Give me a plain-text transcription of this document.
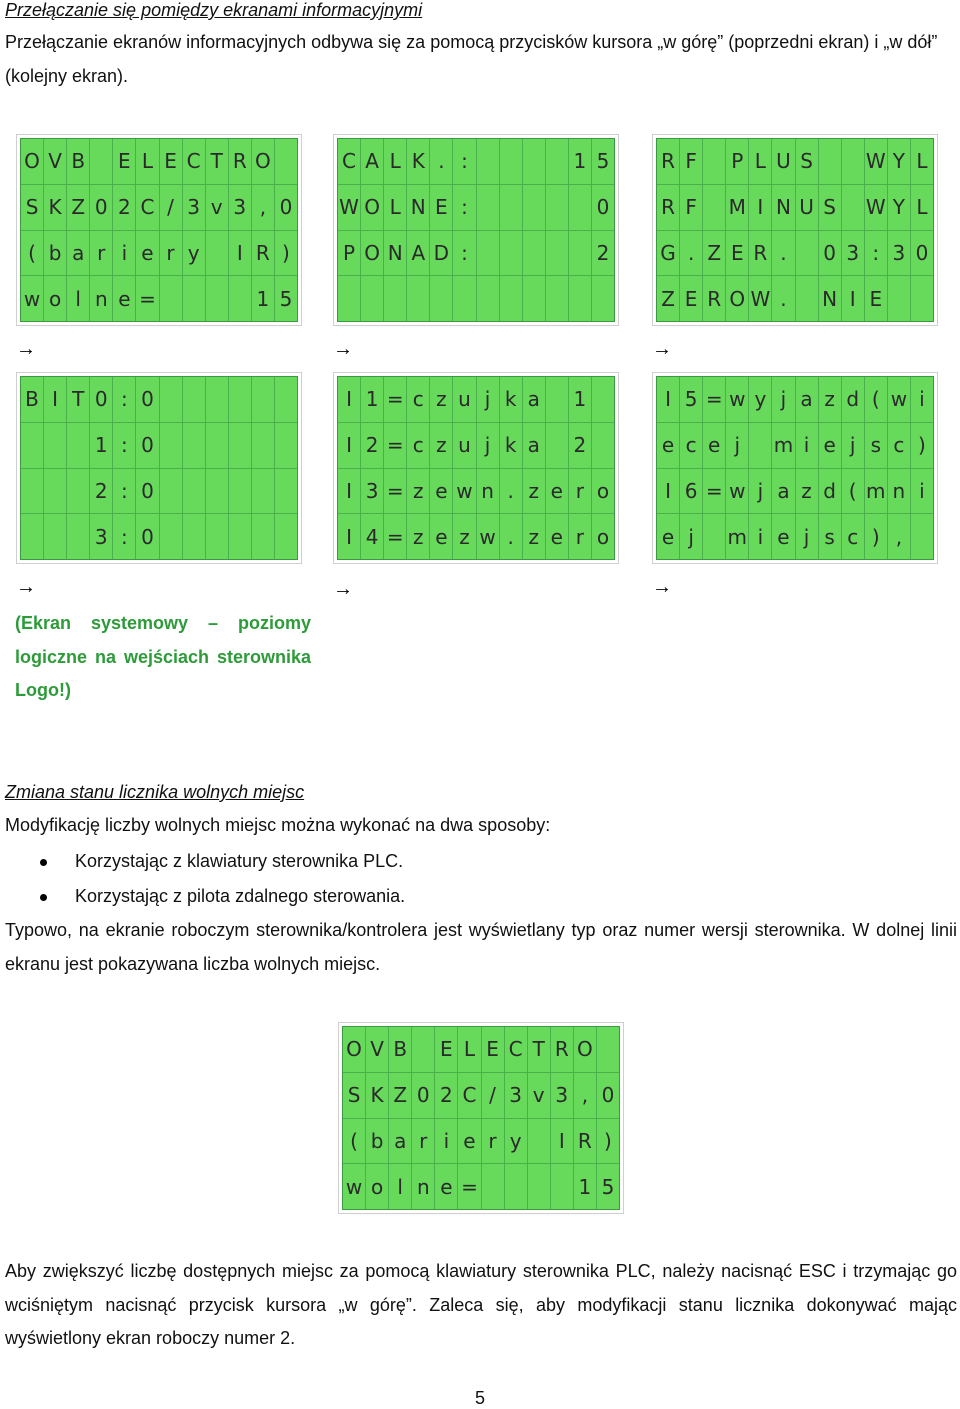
Przełączanie się pomiędzy ekranami informacyjnymi
Przełączanie ekranów informacyjnych odbywa się za pomocą przycisków kursora „w górę” (poprzedni ekran) i „w dół” (kolejny ekran).
O V B E L E C T R O
S K Z 0 2 C / 3 v 3 , 0
( b a r i e r y	I R )
w o l n e =	1 5
C A L K . :	1 5
W O L N E :	0
P O N A D :	2
R F P L U S	W Y L
R F M I N U S W Y L
G . Z E R .	0 3 : 3 0
Z E R O W .	N I E
→	→	→
B I T 0 : 0
1 : 0
2 : 0
3 : 0
I 1 = c z u j k a 1
I 2 = c z u j k a 2
I 3 = z e w n . z e r o
I 4 = z e z w . z e r o
I 5 = w y j a z d ( w i
e c e j	m i e j s c )
I 6 = w j a z d ( m n i
e j	m i e j s c ) ,
→	→	→
(Ekran systemowy – poziomy logiczne na wejściach sterownika Logo!)
Zmiana stanu licznika wolnych miejsc
Modyfikację liczby wolnych miejsc można wykonać na dwa sposoby:
Korzystając z klawiatury sterownika PLC.
Korzystając z pilota zdalnego sterowania.
Typowo, na ekranie roboczym sterownika/kontrolera jest wyświetlany typ oraz numer wersji sterownika. W dolnej linii ekranu jest pokazywana liczba wolnych miejsc.
O V B E L E C T R O
S K Z 0 2 C / 3 v 3 , 0
( b a r i e r y	I R )
w o l n e =	1 5
Aby zwiększyć liczbę dostępnych miejsc za pomocą klawiatury sterownika PLC, należy nacisnąć ESC i trzymając go wciśniętym nacisnąć przycisk kursora „w górę”. Zaleca się, aby modyfikacji stanu licznika dokonywać mając wyświetlony ekran roboczy numer 2.
5
